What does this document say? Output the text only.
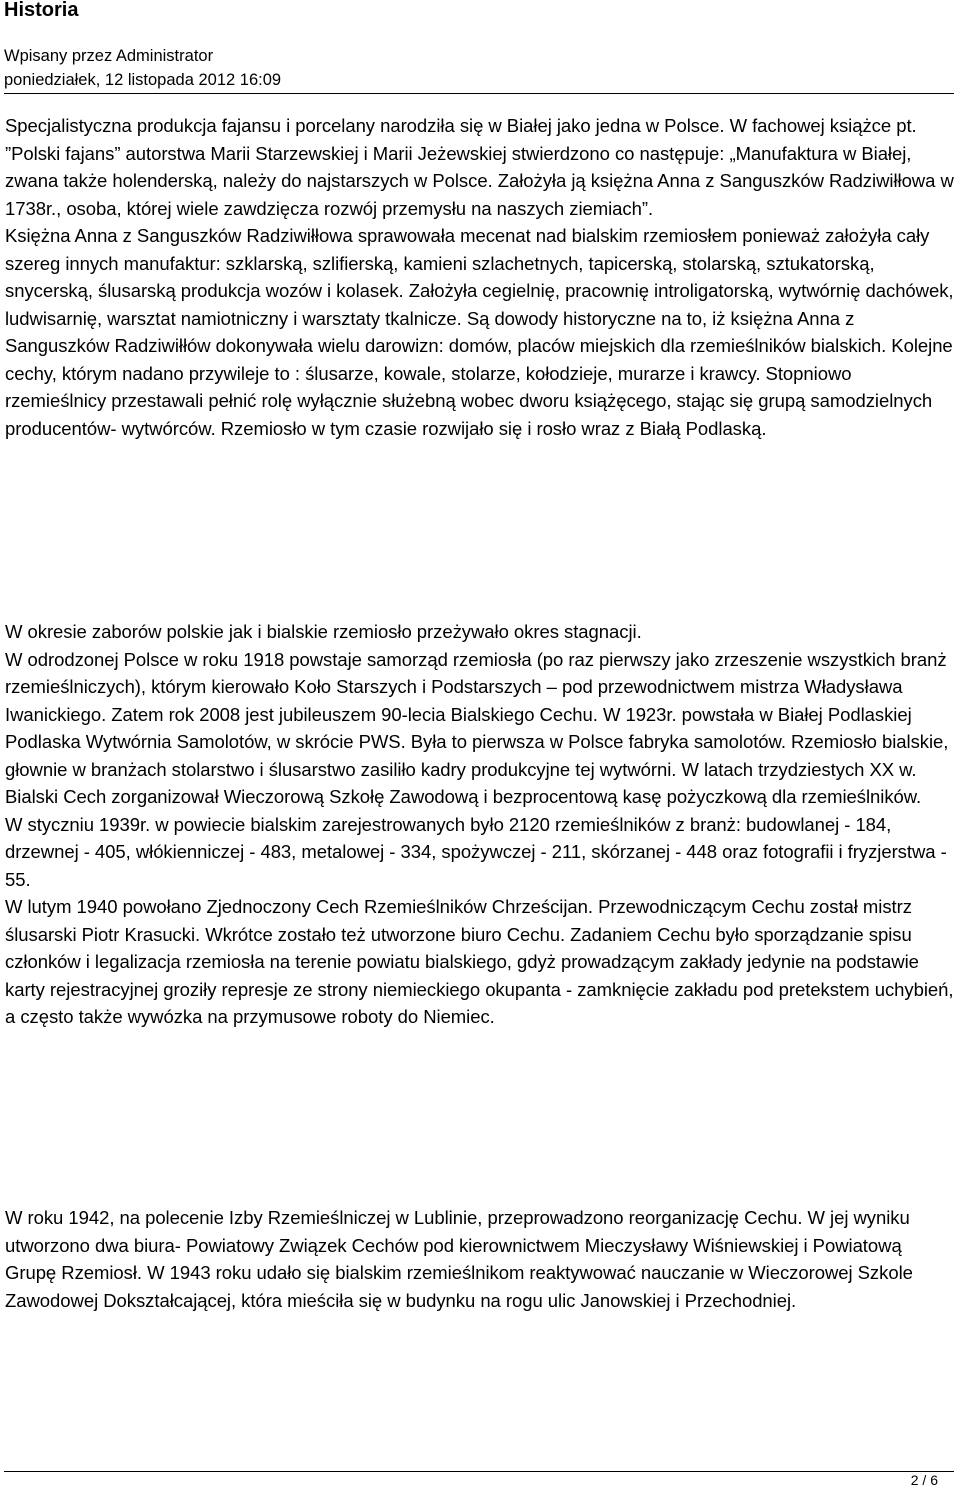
Historia
Wpisany przez Administrator
poniedziałek, 12 listopada 2012 16:09

Specjalistyczna produkcja fajansu i porcelany narodziła się w Białej jako jedna w Polsce. W fachowej książce pt. ”Polski fajans” autorstwa Marii Starzewskiej i Marii Jeżewskiej stwierdzono co następuje: „Manufaktura w Białej, zwana także holenderską, należy do najstarszych w Polsce. Założyła ją księżna Anna z Sanguszków Radziwiłłowa w 1738r., osoba, której wiele zawdzięcza rozwój przemysłu na naszych ziemiach”.

Księżna Anna z Sanguszków Radziwiłłowa sprawowała mecenat nad bialskim rzemiosłem ponieważ założyła cały szereg innych manufaktur: szklarską, szlifierską, kamieni szlachetnych, tapicerską, stolarską, sztukatorską, snycerską, ślusarską produkcja wozów i kolasek. Założyła cegielnię, pracownię introligatorską, wytwórnię dachówek, ludwisarnię, warsztat namiotniczny i warsztaty tkalnicze. Są dowody historyczne na to, iż księżna Anna z Sanguszków Radziwiłłów dokonywała wielu darowizn: domów, placów miejskich dla rzemieślników bialskich. Kolejne cechy, którym nadano przywileje to : ślusarze, kowale, stolarze, kołodzieje, murarze i krawcy. Stopniowo rzemieślnicy przestawali pełnić rolę wyłącznie służebną wobec dworu książęcego, stając się grupą samodzielnych producentów- wytwórców. Rzemiosło w tym czasie rozwijało się i rosło wraz z Białą Podlaską.

W okresie zaborów polskie jak i bialskie rzemiosło przeżywało okres stagnacji.

W odrodzonej Polsce w roku 1918 powstaje samorząd rzemiosła (po raz pierwszy jako zrzeszenie wszystkich branż rzemieślniczych), którym kierowało Koło Starszych i Podstarszych – pod przewodnictwem mistrza Władysława Iwanickiego. Zatem rok 2008 jest jubileuszem 90-lecia Bialskiego Cechu. W 1923r. powstała w Białej Podlaskiej Podlaska Wytwórnia Samolotów, w skrócie PWS. Była to pierwsza w Polsce fabryka samolotów. Rzemiosło bialskie, głownie w branżach stolarstwo i ślusarstwo zasiliło kadry produkcyjne tej wytwórni. W latach trzydziestych XX w. Bialski Cech zorganizował Wieczorową Szkołę Zawodową i bezprocentową kasę pożyczkową dla rzemieślników.

W styczniu 1939r. w powiecie bialskim zarejestrowanych było 2120 rzemieślników z branż: budowlanej - 184, drzewnej - 405, włókienniczej - 483, metalowej - 334, spożywczej - 211, skórzanej - 448 oraz fotografii i fryzjerstwa - 55.

W lutym 1940 powołano Zjednoczony Cech Rzemieślników Chrześcijan. Przewodniczącym Cechu został mistrz ślusarski Piotr Krasucki. Wkrótce zostało też utworzone biuro Cechu. Zadaniem Cechu było sporządzanie spisu członków i legalizacja rzemiosła na terenie powiatu bialskiego, gdyż prowadzącym zakłady jedynie na podstawie karty rejestracyjnej groziły represje ze strony niemieckiego okupanta - zamknięcie zakładu pod pretekstem uchybień, a często także wywózka na przymusowe roboty do Niemiec.

W roku 1942, na polecenie Izby Rzemieślniczej w Lublinie, przeprowadzono reorganizację Cechu. W jej wyniku utworzono dwa biura- Powiatowy Związek Cechów pod kierownictwem Mieczysławy Wiśniewskiej i Powiatową Grupę Rzemiosł. W 1943 roku udało się bialskim rzemieślnikom reaktywować nauczanie w Wieczorowej Szkole Zawodowej Dokształcającej, która mieściła się w budynku na rogu ulic Janowskiej i Przechodniej.

2 / 6
